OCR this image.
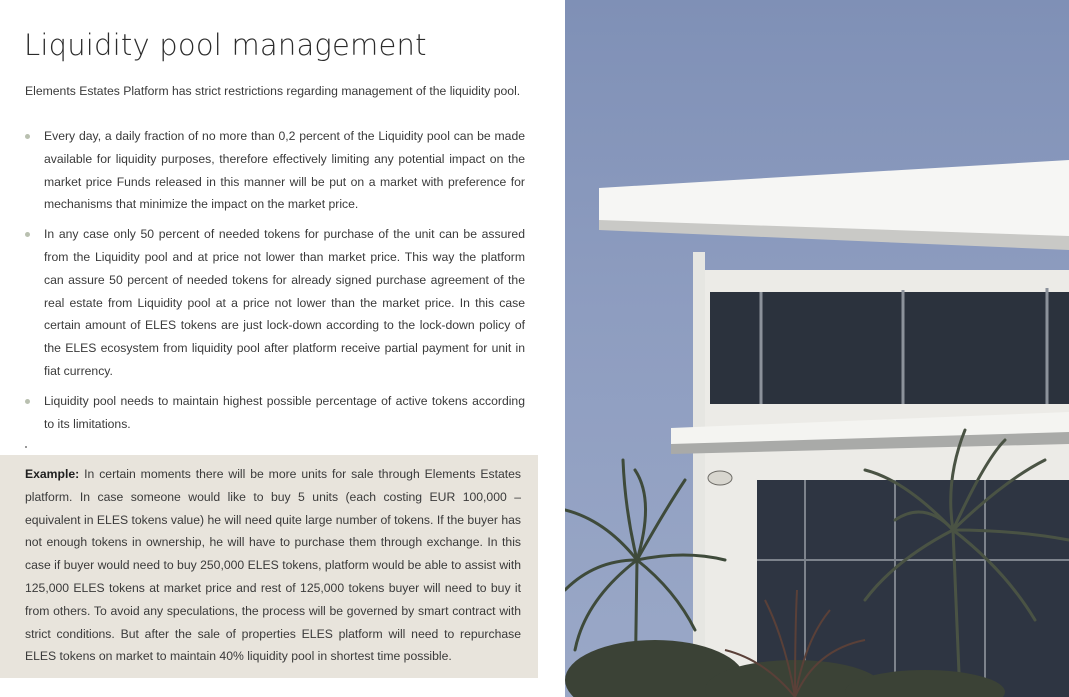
Liquidity pool management

Elements Estates Platform has strict restrictions regarding management of the liquidity pool.

Every day, a daily fraction of no more than 0,2 percent of the Liquidity pool can be made available for liquidity purposes, therefore effectively limiting any potential impact on the market price Funds released in this manner will be put on a market with preference for mechanisms that minimize the impact on the market price.
In any case only 50 percent of needed tokens for purchase of the unit can be assured from the Liquidity pool and at price not lower than market price. This way the platform can assure 50 percent of needed tokens for already signed purchase agreement of the real estate from Liquidity pool at a price not lower than the market price. In this case certain amount of ELES tokens are just lock-down according to the lock-down policy of the ELES ecosystem from liquidity pool after platform receive partial payment for unit in fiat currency.
Liquidity pool needs to maintain highest possible percentage of active tokens according to its limitations.

Example: In certain moments there will be more units for sale through Elements Estates platform. In case someone would like to buy 5 units (each costing EUR 100,000 – equivalent in ELES tokens value) he will need quite large number of tokens. If the buyer has not enough tokens in ownership, he will have to purchase them through exchange. In this case if buyer would need to buy 250,000 ELES tokens, platform would be able to assist with 125,000 ELES tokens at market price and rest of 125,000 tokens buyer will need to buy it from others. To avoid any speculations, the process will be governed by smart contract with strict conditions. But after the sale of properties ELES platform will need to repurchase ELES tokens on market to maintain 40% liquidity pool in shortest time possible.
